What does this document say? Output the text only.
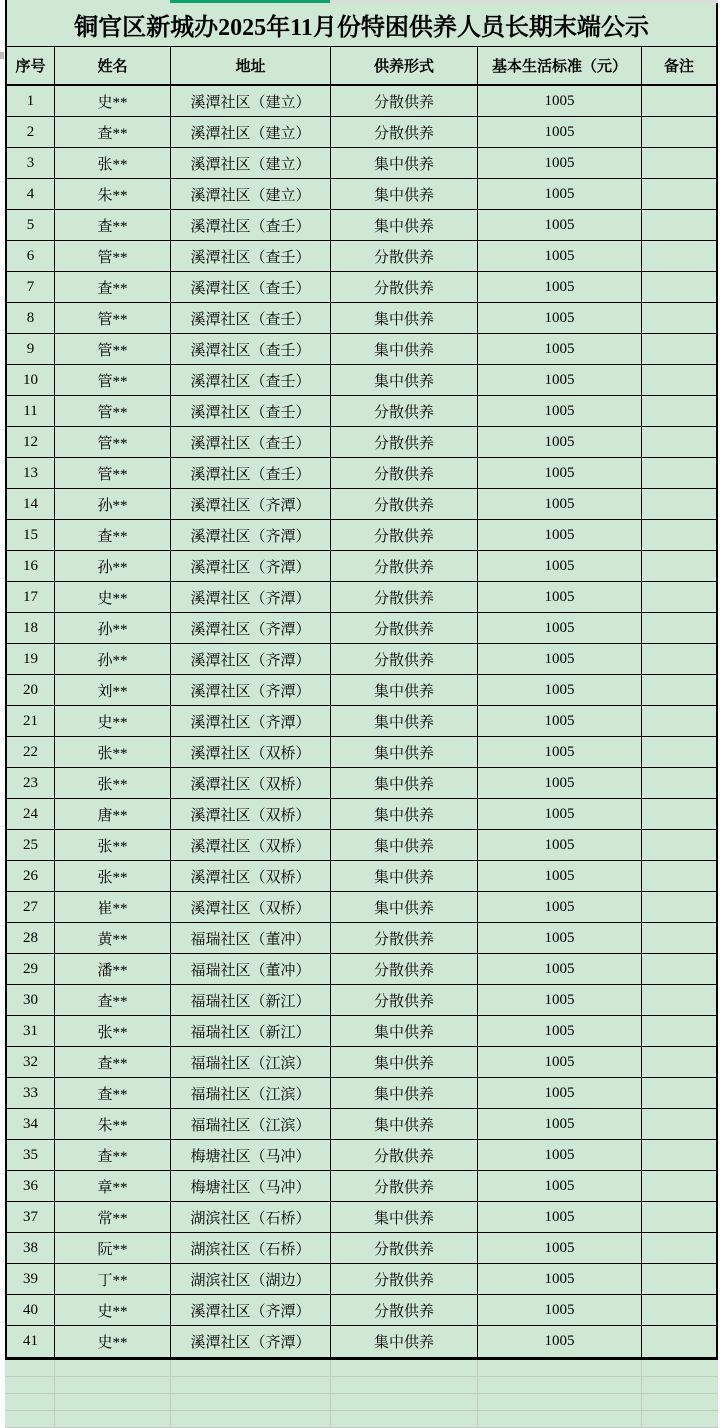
铜官区新城办2025年11月份特困供养人员长期末端公示
序号	姓名	地址	供养形式	基本生活标准（元）	备注
1	史**	溪潭社区（建立）	分散供养	1005
2	查**	溪潭社区（建立）	分散供养	1005
3	张**	溪潭社区（建立）	集中供养	1005
4	朱**	溪潭社区（建立）	集中供养	1005
5	查**	溪潭社区（查壬）	集中供养	1005
6	管**	溪潭社区（查壬）	分散供养	1005
7	查**	溪潭社区（查壬）	分散供养	1005
8	管**	溪潭社区（查壬）	集中供养	1005
9	管**	溪潭社区（查壬）	集中供养	1005
10	管**	溪潭社区（查壬）	集中供养	1005
11	管**	溪潭社区（查壬）	分散供养	1005
12	管**	溪潭社区（查壬）	分散供养	1005
13	管**	溪潭社区（查壬）	分散供养	1005
14	孙**	溪潭社区（齐潭）	分散供养	1005
15	查**	溪潭社区（齐潭）	分散供养	1005
16	孙**	溪潭社区（齐潭）	分散供养	1005
17	史**	溪潭社区（齐潭）	分散供养	1005
18	孙**	溪潭社区（齐潭）	分散供养	1005
19	孙**	溪潭社区（齐潭）	分散供养	1005
20	刘**	溪潭社区（齐潭）	集中供养	1005
21	史**	溪潭社区（齐潭）	集中供养	1005
22	张**	溪潭社区（双桥）	集中供养	1005
23	张**	溪潭社区（双桥）	集中供养	1005
24	唐**	溪潭社区（双桥）	集中供养	1005
25	张**	溪潭社区（双桥）	集中供养	1005
26	张**	溪潭社区（双桥）	集中供养	1005
27	崔**	溪潭社区（双桥）	集中供养	1005
28	黄**	福瑞社区（董冲）	分散供养	1005
29	潘**	福瑞社区（董冲）	分散供养	1005
30	查**	福瑞社区（新江）	分散供养	1005
31	张**	福瑞社区（新江）	集中供养	1005
32	查**	福瑞社区（江滨）	集中供养	1005
33	查**	福瑞社区（江滨）	集中供养	1005
34	朱**	福瑞社区（江滨）	集中供养	1005
35	查**	梅塘社区（马冲）	分散供养	1005
36	章**	梅塘社区（马冲）	分散供养	1005
37	常**	湖滨社区（石桥）	集中供养	1005
38	阮**	湖滨社区（石桥）	分散供养	1005
39	丁**	湖滨社区（湖边）	分散供养	1005
40	史**	溪潭社区（齐潭）	分散供养	1005
41	史**	溪潭社区（齐潭）	集中供养	1005
